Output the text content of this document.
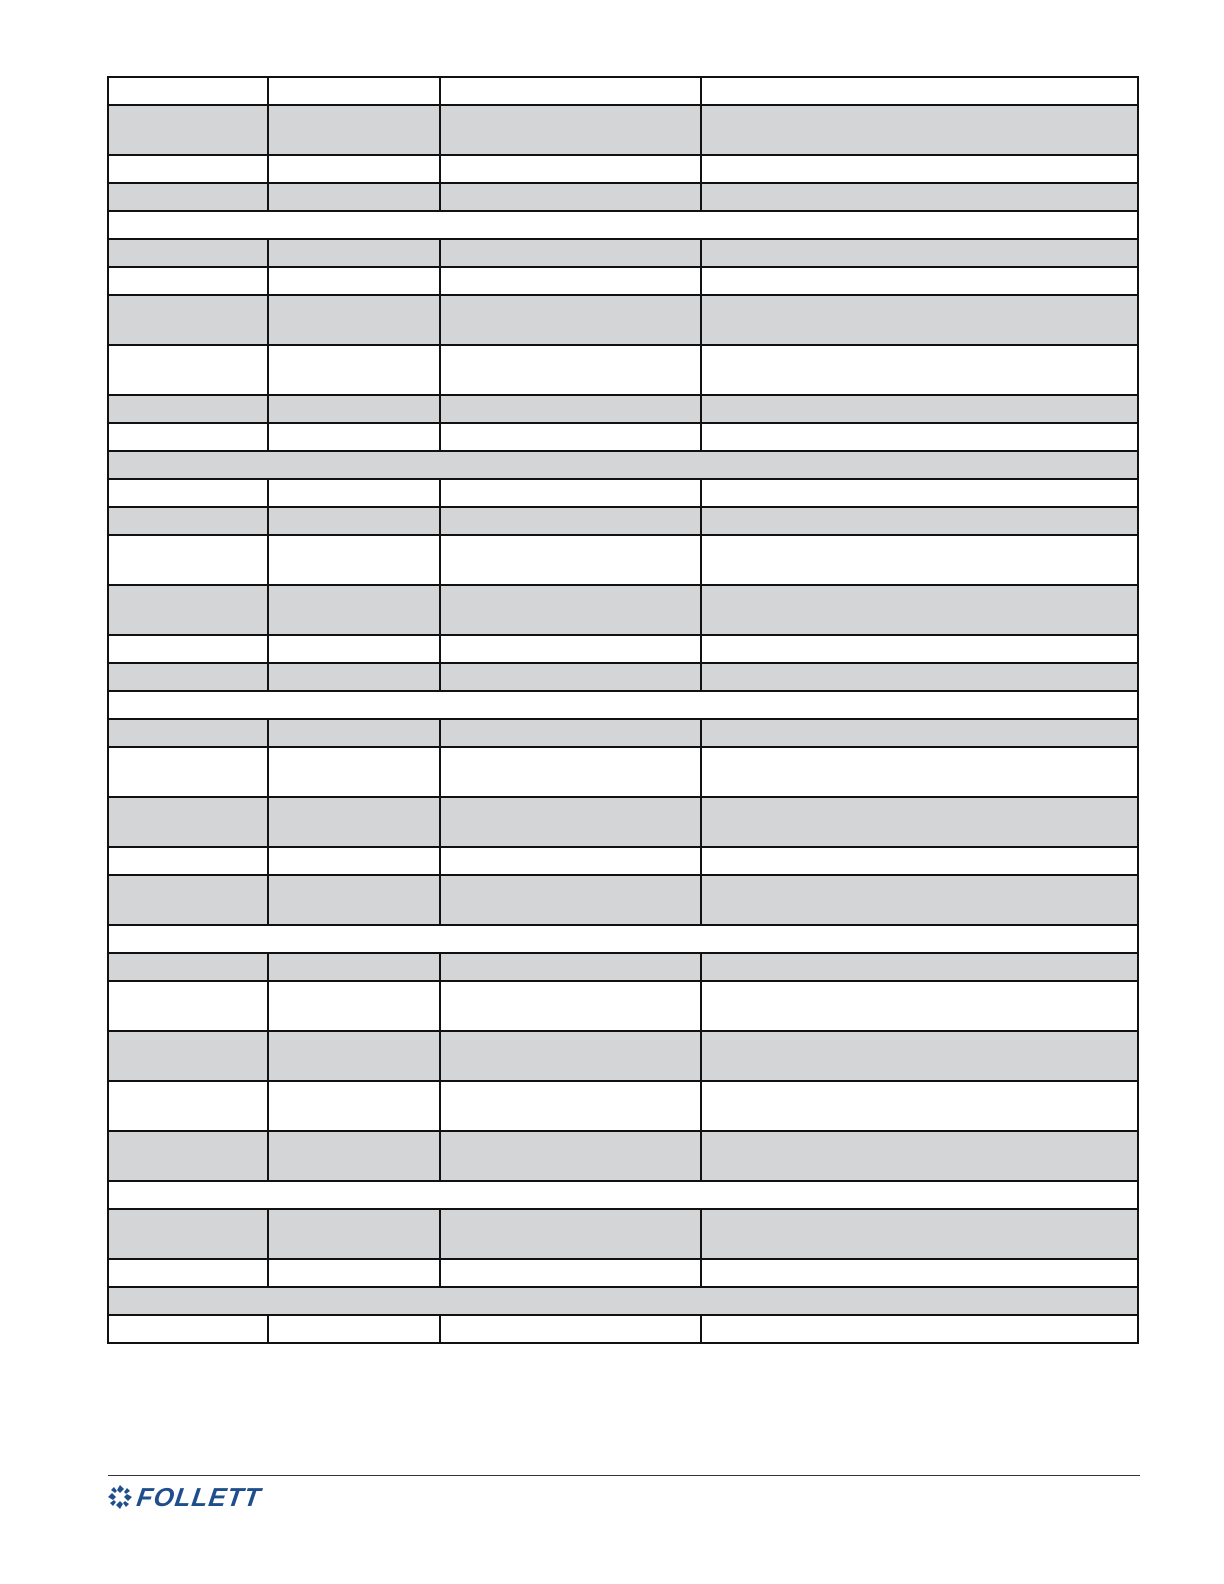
FOLLETT
